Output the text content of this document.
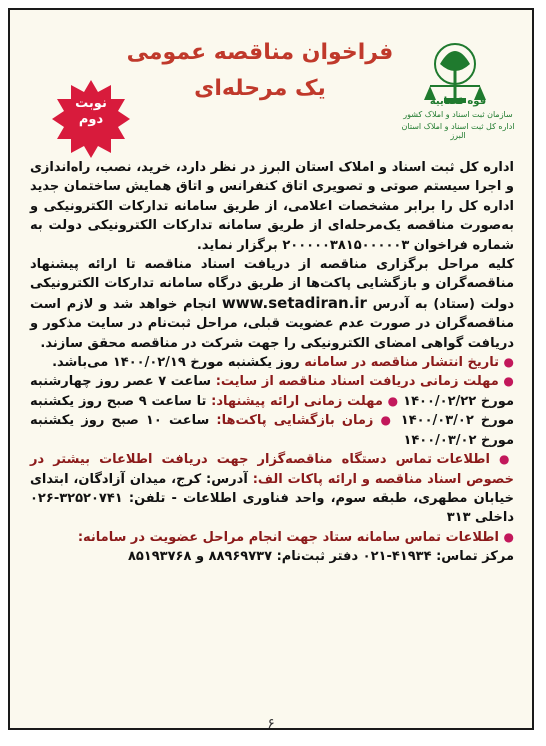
قوه قضاییه
سازمان ثبت اسناد و املاک کشور
اداره کل ثبت اسناد و املاک استان البرز
فراخوان مناقصه عمومی
یک مرحله‌ای
نوبت
دوم

اداره کل ثبت اسناد و املاک استان البرز در نظر دارد، خرید، نصب، راه‌اندازی و اجرا سیستم صوتی و تصویری اتاق کنفرانس و اتاق همایش ساختمان جدید اداره کل را برابر مشخصات اعلامی، از طریق سامانه تدارکات الکترونیکی و به‌صورت مناقصه یک‌مرحله‌ای از طریق سامانه تدارکات الکترونیکی دولت به شماره فراخوان ۲۰۰۰۰۰۳۸۱۵۰۰۰۰۰۳ برگزار نماید.

کلیه مراحل برگزاری مناقصه از دریافت اسناد مناقصه تا ارائه پیشنهاد مناقصه‌گران و بازگشایی پاکت‌ها از طریق درگاه سامانه تدارکات الکترونیکی دولت (ستاد) به آدرس www.setadiran.ir انجام خواهد شد و لازم است مناقصه‌گران در صورت عدم عضویت قبلی، مراحل ثبت‌نام در سایت مذکور و دریافت گواهی امضای الکترونیکی را جهت شرکت در مناقصه محقق سازند.

● تاریخ انتشار مناقصه در سامانه روز یکشنبه مورخ ۱۴۰۰/۰۲/۱۹ می‌باشد.

● مهلت زمانی دریافت اسناد مناقصه از سایت: ساعت ۷ عصر روز چهارشنبه مورخ ۱۴۰۰/۰۲/۲۲ ● مهلت زمانی ارائه پیشنهاد: تا ساعت ۹ صبح روز یکشنبه مورخ ۱۴۰۰/۰۳/۰۲ ● زمان بازگشایی پاکت‌ها: ساعت ۱۰ صبح روز یکشنبه مورخ ۱۴۰۰/۰۳/۰۲

● اطلاعات تماس دستگاه مناقصه‌گزار جهت دریافت اطلاعات بیشتر در خصوص اسناد مناقصه و ارائه پاکات الف: آدرس: کرج، میدان آزادگان، ابتدای خیابان مطهری، طبقه سوم، واحد فناوری اطلاعات - تلفن: ۳۲۵۲۰۷۴۱-۰۲۶ داخلی ۳۱۳

● اطلاعات تماس سامانه ستاد جهت انجام مراحل عضویت در سامانه:

مرکز تماس: ۴۱۹۳۴-۰۲۱ دفتر ثبت‌نام: ۸۸۹۶۹۷۳۷ و ۸۵۱۹۳۷۶۸

۶
